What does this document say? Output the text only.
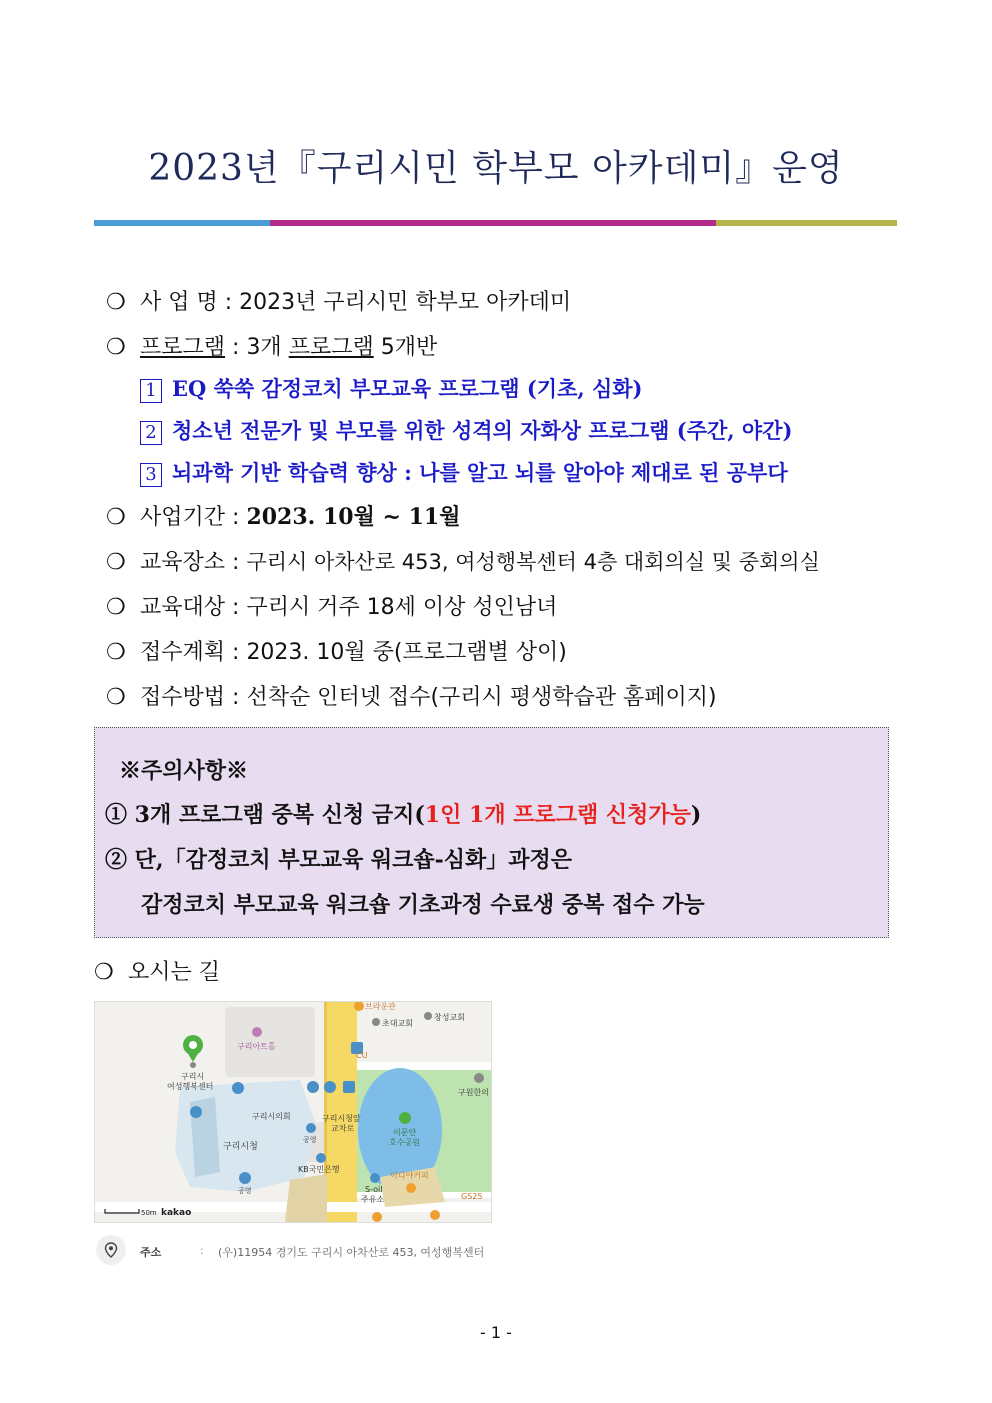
2023년『구리시민 학부모 아카데미』운영
❍ 사 업 명 : 2023년 구리시민 학부모 아카데미
❍ 프로그램 : 3개 프로그램 5개반
1 EQ 쑥쑥 감정코치 부모교육 프로그램 (기초, 심화)
2 청소년 전문가 및 부모를 위한 성격의 자화상 프로그램 (주간, 야간)
3 뇌과학 기반 학습력 향상 : 나를 알고 뇌를 알아야 제대로 된 공부다
❍ 사업기간 : 2023. 10월 ~ 11월
❍ 교육장소 : 구리시 아차산로 453, 여성행복센터 4층 대회의실 및 중회의실
❍ 교육대상 : 구리시 거주 18세 이상 성인남녀
❍ 접수계획 : 2023. 10월 중(프로그램별 상이)
❍ 접수방법 : 선착순 인터넷 접수(구리시 평생학습관 홈페이지)
※주의사항※
① 3개 프로그램 중복 신청 금지(1인 1개 프로그램 신청가능)
② 단,「감정코치 부모교육 워크숍-심화」과정은
감정코치 부모교육 워크숍 기초과정 수료생 중복 접수 가능
❍ 오시는 길
구리시
여성행복센터
구리아트홀
구리시의회
구리시청
구리시청앞
교차로	이문안
호수공원
KB국민은행
S-oil
주유소
이디야커피
브라운관
초대교회
창성교회
CU
GS25
구원한의
공영
공영
50m kakao
주소	: (우)11954 경기도 구리시 아차산로 453, 여성행복센터
- 1 -
